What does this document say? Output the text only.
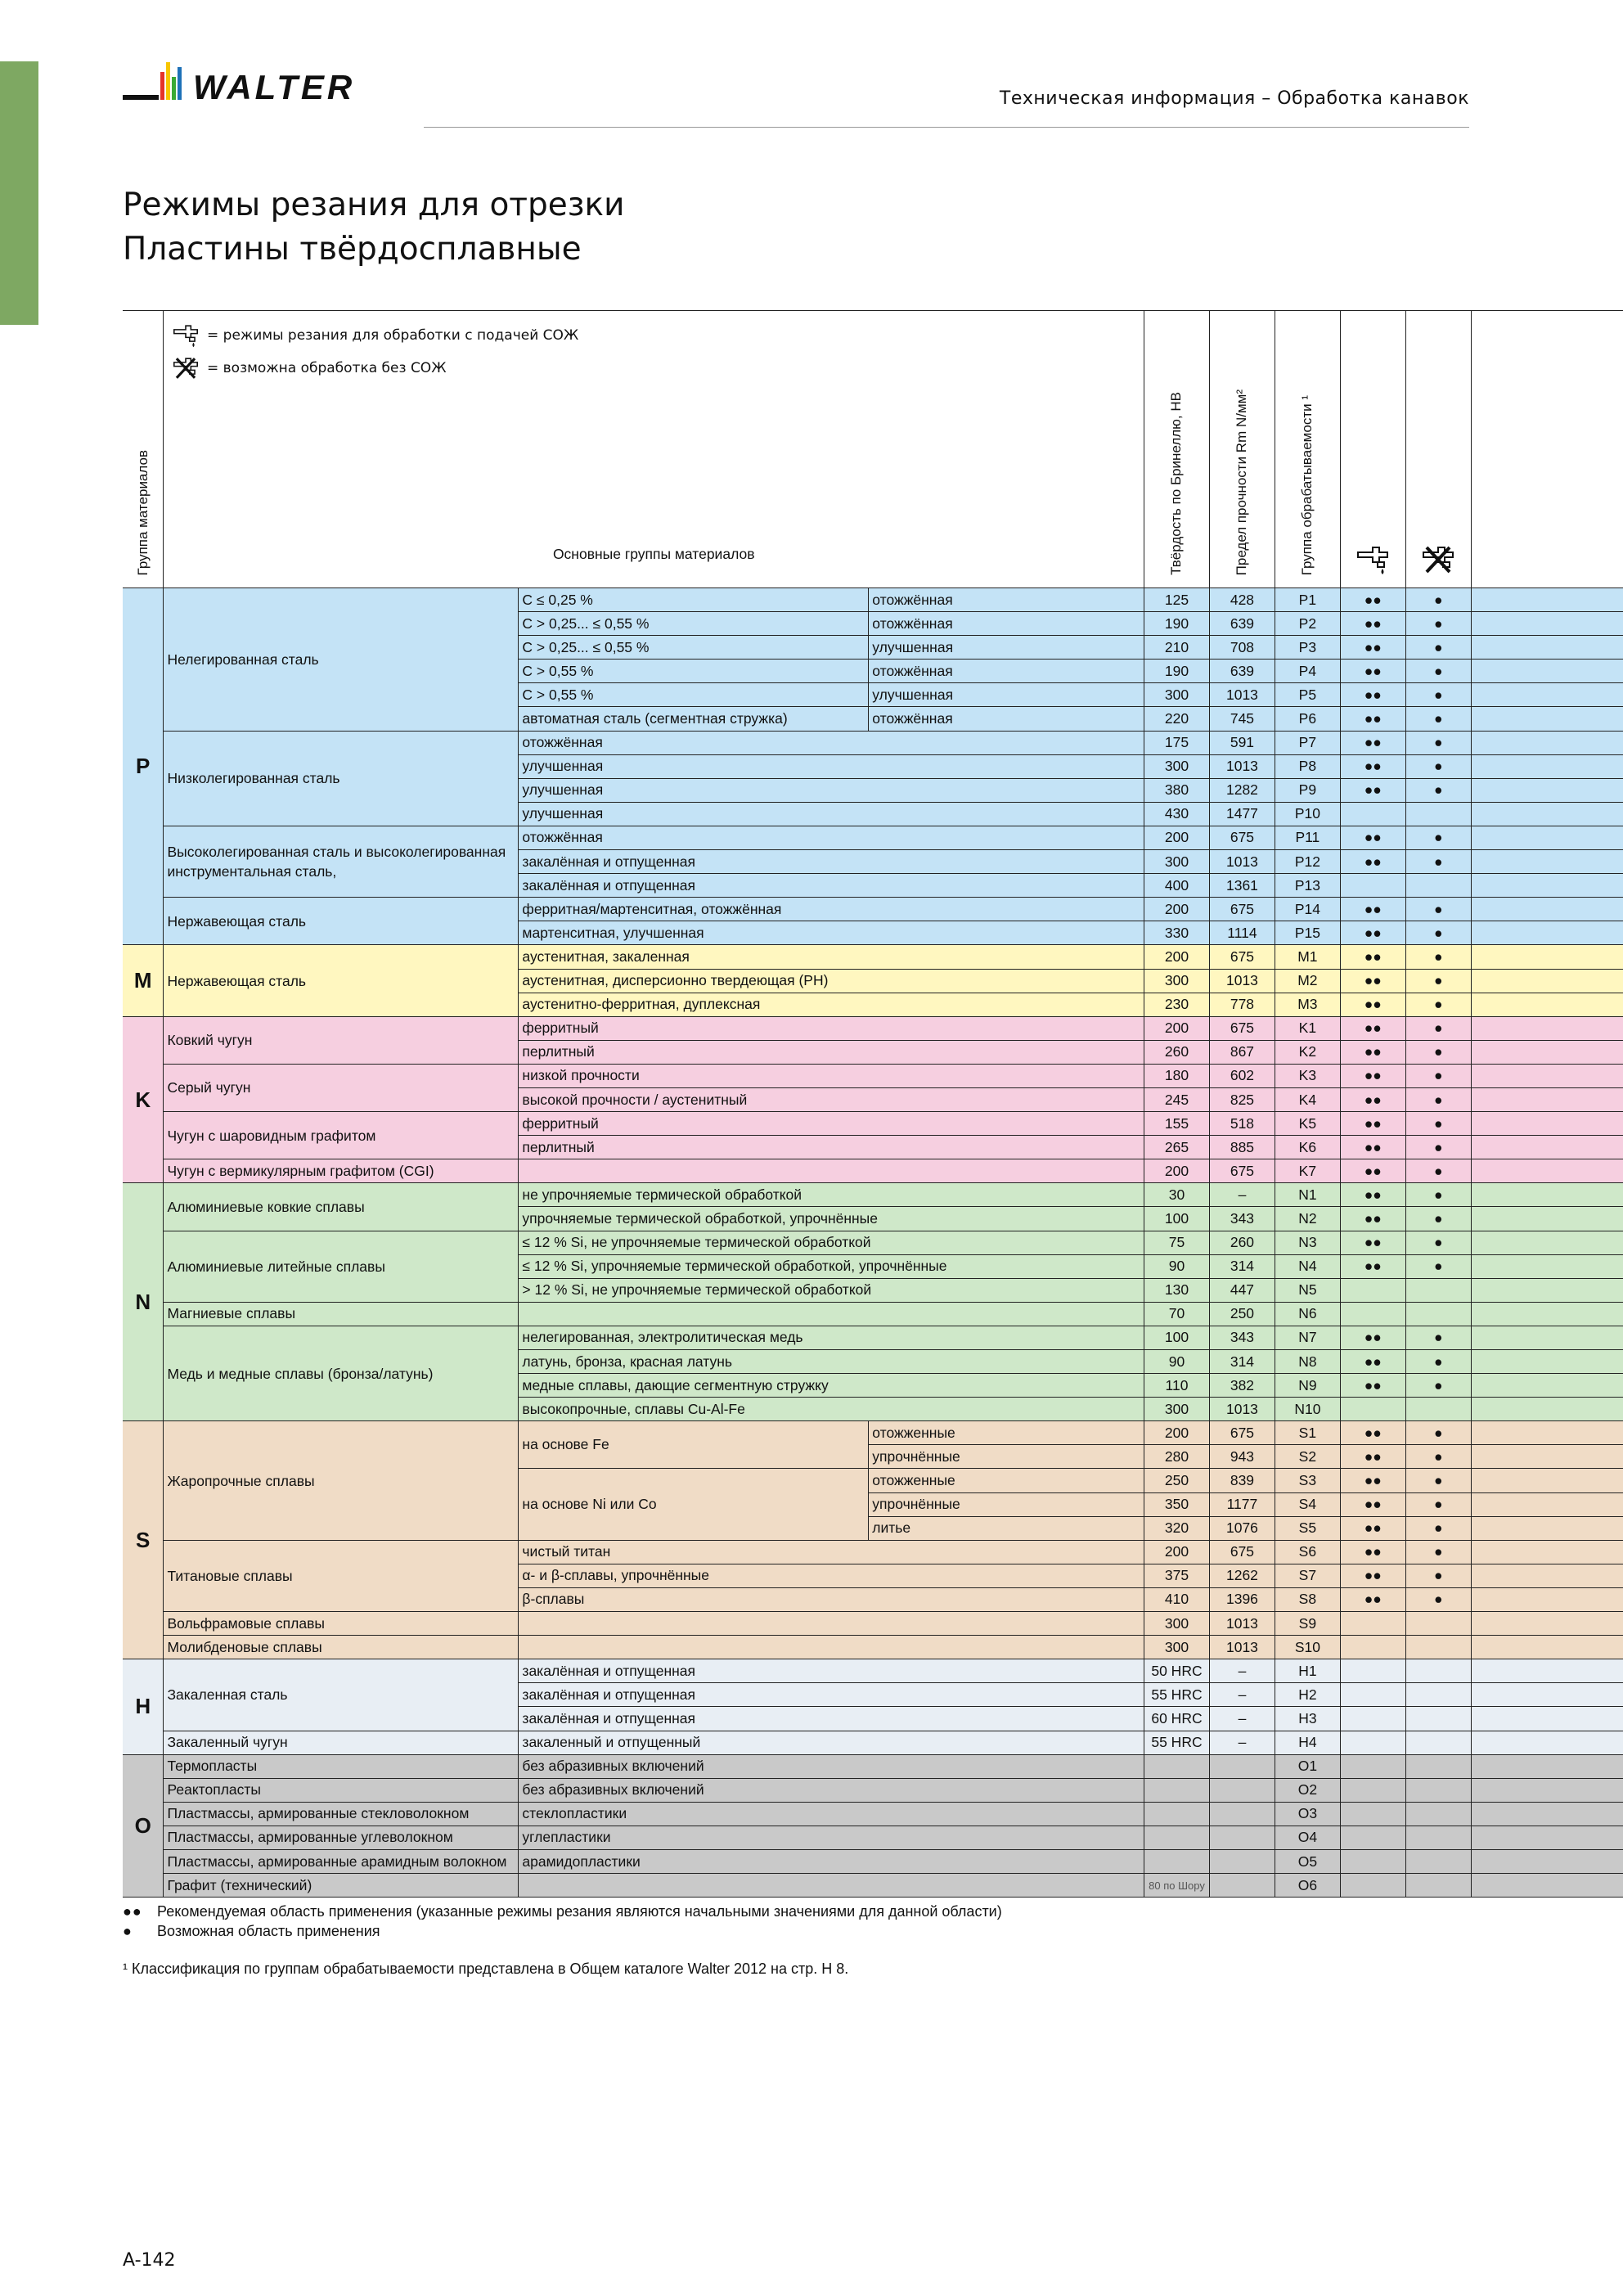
WALTER	Техническая информация – Обработка канавок
Режимы резания для отрезки
Пластины твёрдосплавные
Группа материалов	Основные группы материалов			Твёрдость по Бринеллю, НВ	Предел прочности Rm N/мм²	Группа обрабатываемости ¹			
P	Нелегированная сталь	C ≤ 0,25 %	отожжённая	125	428	P1	●●	●	
		C > 0,25... ≤ 0,55 %	отожжённая	190	639	P2	●●	●	
		C > 0,25... ≤ 0,55 %	улучшенная	210	708	P3	●●	●	
		C > 0,55 %	отожжённая	190	639	P4	●●	●	
		C > 0,55 %	улучшенная	300	1013	P5	●●	●	
		автоматная сталь (сегментная стружка)	отожжённая	220	745	P6	●●	●	
	Низколегированная сталь	отожжённая		175	591	P7	●●	●	
		улучшенная		300	1013	P8	●●	●	
		улучшенная		380	1282	P9	●●	●	
		улучшенная		430	1477	P10			
	Высоколегированная сталь и высоколегированная инструментальная сталь,	отожжённая		200	675	P11	●●	●	
		закалённая и отпущенная		300	1013	P12	●●	●	
		закалённая и отпущенная		400	1361	P13			
	Нержавеющая сталь	ферритная/мартенситная, отожжённая		200	675	P14	●●	●	
		мартенситная, улучшенная		330	1114	P15	●●	●	
M	Нержавеющая сталь	аустенитная, закаленная		200	675	M1	●●	●	
		аустенитная, дисперсионно твердеющая (PH)		300	1013	M2	●●	●	
		аустенитно-ферритная, дуплексная		230	778	M3	●●	●	
K	Ковкий чугун	ферритный		200	675	K1	●●	●	
		перлитный		260	867	K2	●●	●	
	Серый чугун	низкой прочности		180	602	K3	●●	●	
		высокой прочности / аустенитный		245	825	K4	●●	●	
	Чугун с шаровидным графитом	ферритный		155	518	K5	●●	●	
		перлитный		265	885	K6	●●	●	
	Чугун с вермикулярным графитом (CGI)			200	675	K7	●●	●	
N	Алюминиевые ковкие сплавы	не упрочняемые термической обработкой		30	–	N1	●●	●	
		упрочняемые термической обработкой, упрочнённые		100	343	N2	●●	●	
	Алюминиевые литейные сплавы	≤ 12 % Si, не упрочняемые термической обработкой		75	260	N3	●●	●	
		≤ 12 % Si, упрочняемые термической обработкой, упрочнённые		90	314	N4	●●	●	
		> 12 % Si, не упрочняемые термической обработкой		130	447	N5			
	Магниевые сплавы			70	250	N6			
	Медь и медные сплавы (бронза/латунь)	нелегированная, электролитическая медь		100	343	N7	●●	●	
		латунь, бронза, красная латунь		90	314	N8	●●	●	
		медные сплавы, дающие сегментную стружку		110	382	N9	●●	●	
		высокопрочные, сплавы Cu-Al-Fe		300	1013	N10			
S	Жаропрочные сплавы	на основе Fe	отожженные	200	675	S1	●●	●	
			упрочнённые	280	943	S2	●●	●	
		на основе Ni или Co	отожженные	250	839	S3	●●	●	
			упрочнённые	350	1177	S4	●●	●	
			литье	320	1076	S5	●●	●	
	Титановые сплавы	чистый титан		200	675	S6	●●	●	
		α- и β-сплавы, упрочнённые		375	1262	S7	●●	●	
		β-сплавы		410	1396	S8	●●	●	
	Вольфрамовые сплавы			300	1013	S9			
	Молибденовые сплавы			300	1013	S10			
H	Закаленная сталь	закалённая и отпущенная		50 HRC	–	H1			
		закалённая и отпущенная		55 HRC	–	H2			
		закалённая и отпущенная		60 HRC	–	H3			
	Закаленный чугун	закаленный и отпущенный		55 HRC	–	H4			
O	Термопласты	без абразивных включений				O1			
	Реактопласты	без абразивных включений				O2			
	Пластмассы, армированные стекловолокном	стеклопластики				O3			
	Пластмассы, армированные углеволокном	углепластики				O4			
	Пластмассы, армированные арамидным волокном	арамидопластики				O5			
	Графит (технический)			80 по Шору		O6			
= режимы резания для обработки с подачей СОЖ
= возможна обработка без СОЖ
●●	Рекомендуемая область применения (указанные режимы резания являются начальными значениями для данной области)
●	Возможная область применения
¹ Классификация по группам обрабатываемости представлена в Общем каталоге Walter 2012 на стр. H 8.
A-142
